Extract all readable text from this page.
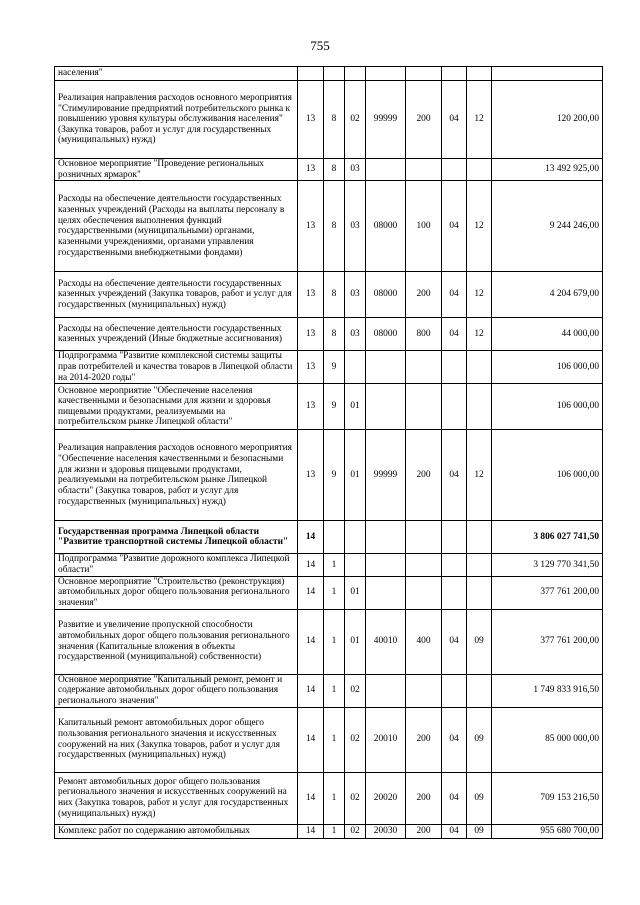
755
населения"								
Реализация направления расходов основного мероприятия "Стимулирование предприятий потребительского рынка к повышению уровня культуры обслуживания населения" (Закупка товаров, работ и услуг для государственных (муниципальных) нужд)	13	8	02	99999	200	04	12	120 200,00
Основное мероприятие "Проведение региональных розничных ярмарок"	13	8	03					13 492 925,00
Расходы на обеспечение деятельности государственных казенных учреждений (Расходы на выплаты персоналу в целях обеспечения выполнения функций государственными (муниципальными) органами, казенными учреждениями, органами управления государственными внебюджетными фондами)	13	8	03	08000	100	04	12	9 244 246,00
Расходы на обеспечение деятельности государственных казенных учреждений (Закупка товаров, работ и услуг для государственных (муниципальных) нужд)	13	8	03	08000	200	04	12	4 204 679,00
Расходы на обеспечение деятельности государственных казенных учреждений (Иные бюджетные ассигнования)	13	8	03	08000	800	04	12	44 000,00
Подпрограмма "Развитие комплексной системы защиты прав потребителей и качества товаров в Липецкой области на 2014-2020 годы"	13	9						106 000,00
Основное мероприятие "Обеспечение населения качественными и безопасными для жизни и здоровья пищевыми продуктами, реализуемыми на потребительском рынке Липецкой области"	13	9	01					106 000,00
Реализация направления расходов основного мероприятия "Обеспечение населения качественными и безопасными для жизни и здоровья пищевыми продуктами, реализуемыми на потребительском рынке Липецкой области" (Закупка товаров, работ и услуг для государственных (муниципальных) нужд)	13	9	01	99999	200	04	12	106 000,00
Государственная программа Липецкой области "Развитие транспортной системы Липецкой области"	14							3 806 027 741,50
Подпрограмма "Развитие дорожного комплекса Липецкой области"	14	1						3 129 770 341,50
Основное мероприятие "Строительство (реконструкция) автомобильных дорог общего пользования регионального значения"	14	1	01					377 761 200,00
Развитие и увеличение пропускной способности автомобильных дорог общего пользования регионального значения (Капитальные вложения в объекты государственной (муниципальной) собственности)	14	1	01	40010	400	04	09	377 761 200,00
Основное мероприятие "Капитальный ремонт, ремонт и содержание автомобильных дорог общего пользования регионального значения"	14	1	02					1 749 833 916,50
Капитальный ремонт автомобильных дорог общего пользования регионального значения и искусственных сооружений на них (Закупка товаров, работ и услуг для государственных (муниципальных) нужд)	14	1	02	20010	200	04	09	85 000 000,00
Ремонт автомобильных дорог общего пользования регионального значения и искусственных сооружений на них (Закупка товаров, работ и услуг для государственных (муниципальных) нужд)	14	1	02	20020	200	04	09	709 153 216,50
Комплекс работ по содержанию автомобильных	14	1	02	20030	200	04	09	955 680 700,00
